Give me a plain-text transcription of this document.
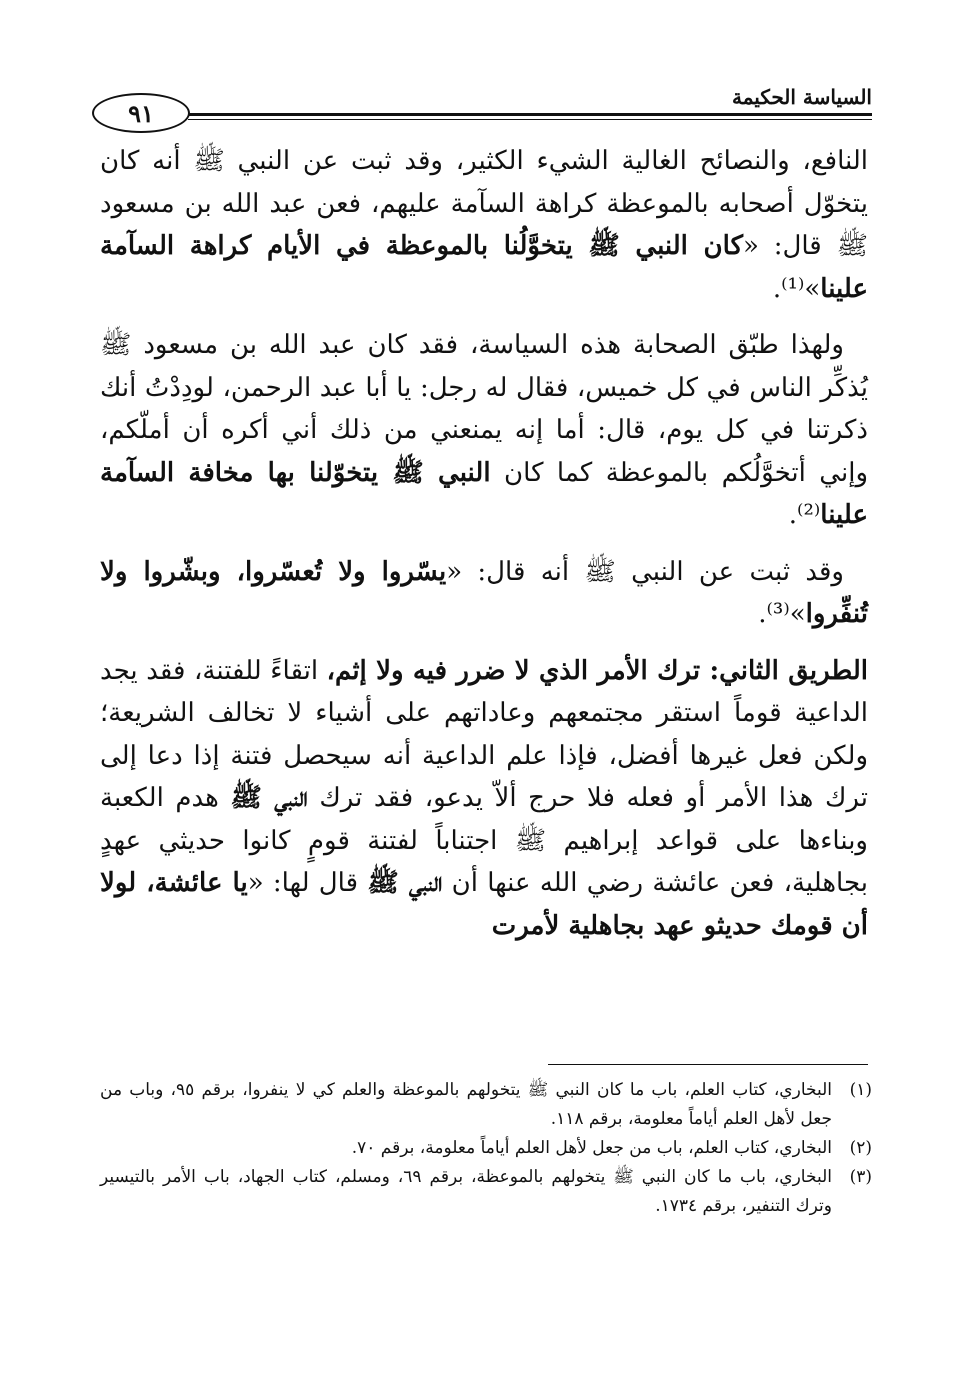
٩١
السياسة الحكيمة

النافع، والنصائح الغالية الشيء الكثير، وقد ثبت عن النبي ﷺ أنه كان يتخوّل أصحابه بالموعظة كراهة السآمة عليهم، فعن عبد الله بن مسعود ﷺ قال: «كان النبي ﷺ يتخوَّلُنا بالموعظة في الأيام كراهة السآمة علينا»⁽¹⁾.

ولهذا طبّق الصحابة هذه السياسة، فقد كان عبد الله بن مسعود ﷺ يُذكِّر الناس في كل خميس، فقال له رجل: يا أبا عبد الرحمن، لودِدْتُ أنك ذكرتنا في كل يوم، قال: أما إنه يمنعني من ذلك أني أكره أن أملّكم، وإني أتخوَّلُكم بالموعظة كما كان النبي ﷺ يتخوّلنا بها مخافة السآمة علينا⁽²⁾.

وقد ثبت عن النبي ﷺ أنه قال: «يسّروا ولا تُعسّروا، وبشّروا ولا تُنفِّروا»⁽³⁾.

الطريق الثاني: ترك الأمر الذي لا ضرر فيه ولا إثم، اتقاءً للفتنة، فقد يجد الداعية قوماً استقر مجتمعهم وعاداتهم على أشياء لا تخالف الشريعة؛ ولكن فعل غيرها أفضل، فإذا علم الداعية أنه سيحصل فتنة إذا دعا إلى ترك هذا الأمر أو فعله فلا حرج ألاّ يدعو، فقد ترك النبي ﷺ هدم الكعبة وبناءها على قواعد إبراهيم ﷺ اجتناباً لفتنة قومٍ كانوا حديثي عهدٍ بجاهلية، فعن عائشة رضي الله عنها أن النبي ﷺ قال لها: «يا عائشة، لولا أن قومك حديثو عهد بجاهلية لأمرت

(١)
البخاري، كتاب العلم، باب ما كان النبي ﷺ يتخولهم بالموعظة والعلم كي لا ينفروا، برقم ٩٥، وباب من جعل لأهل العلم أياماً معلومة، برقم ١١٨.
(٢)
البخاري، كتاب العلم، باب من جعل لأهل العلم أياماً معلومة، برقم ٧٠.
(٣)
البخاري، باب ما كان النبي ﷺ يتخولهم بالموعظة، برقم ٦٩، ومسلم، كتاب الجهاد، باب الأمر بالتيسير وترك التنفير، برقم ١٧٣٤.
